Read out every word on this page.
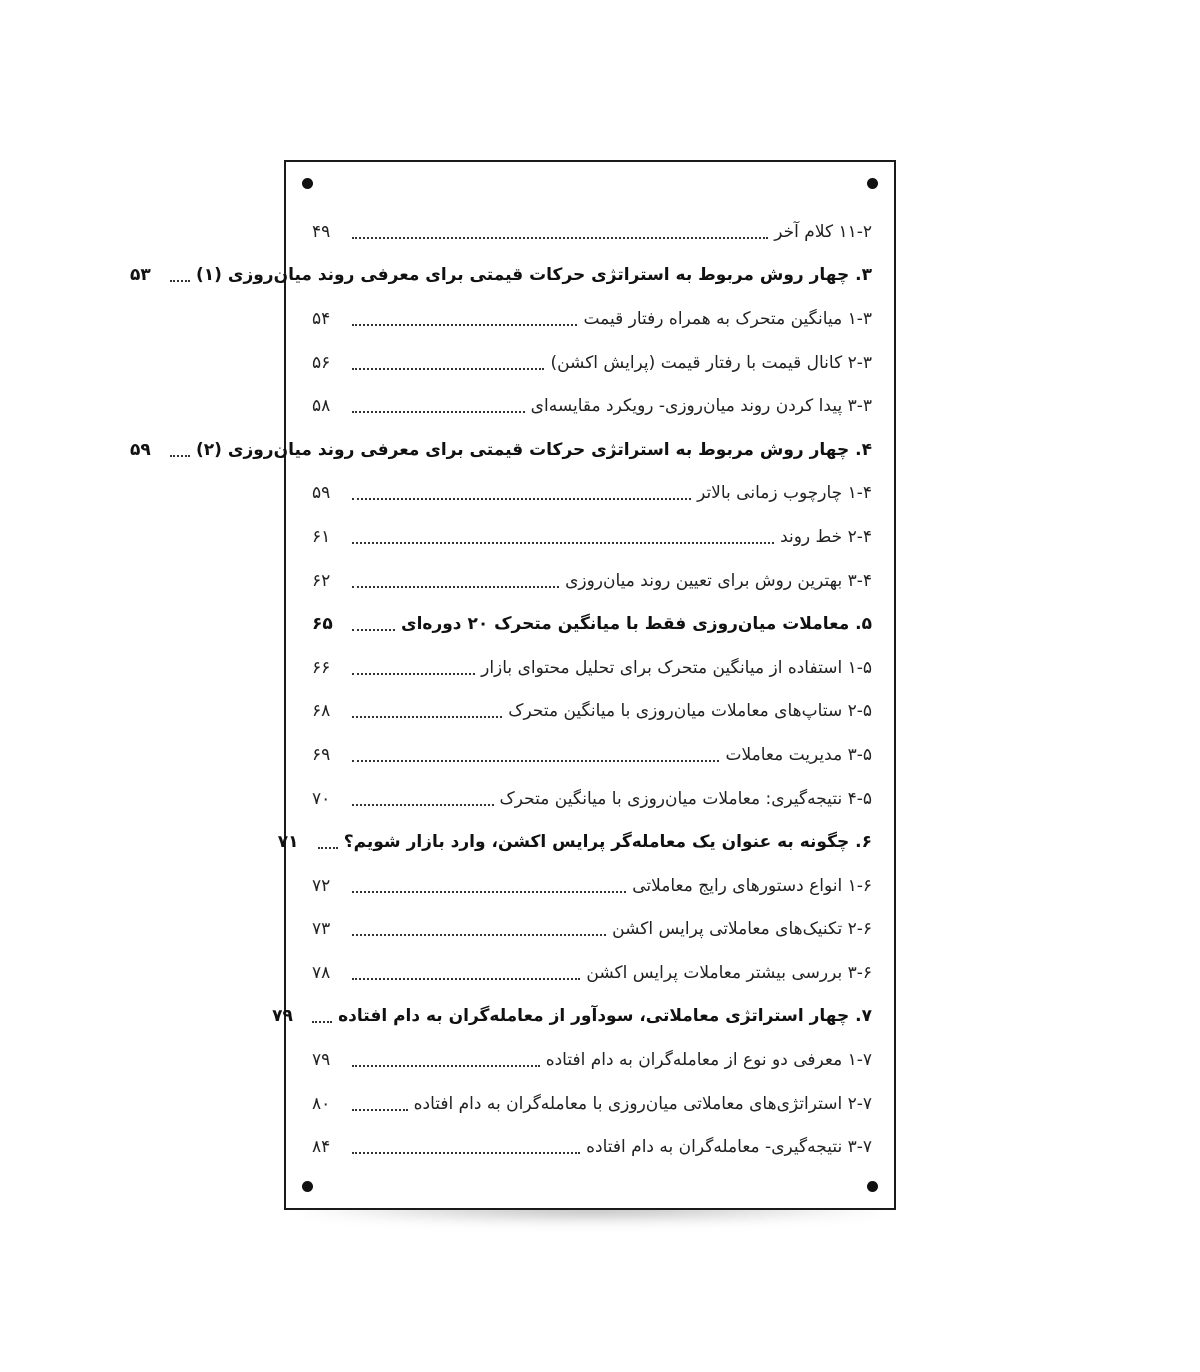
۱۱-۲ کلام آخر
۴۹
۳. چهار روش مربوط به استراتژی حرکات قیمتی برای معرفی روند میان‌روزی (۱)
۵۳
۱-۳ میانگین متحرک به همراه رفتار قیمت
۵۴
۲-۳ کانال قیمت با رفتار قیمت (پرایش اکشن)
۵۶
۳-۳ پیدا کردن روند میان‌روزی- رویکرد مقایسه‌ای
۵۸
۴. چهار روش مربوط به استراتژی حرکات قیمتی برای معرفی روند میان‌روزی (۲)
۵۹
۱-۴ چارچوب زمانی بالاتر
۵۹
۲-۴ خط روند
۶۱
۳-۴ بهترین روش برای تعیین روند میان‌روزی
۶۲
۵. معاملات میان‌روزی فقط با میانگین متحرک ۲۰ دوره‌ای
۶۵
۱-۵ استفاده از میانگین متحرک برای تحلیل محتوای بازار
۶۶
۲-۵ ستاپ‌های معاملات میان‌روزی با میانگین متحرک
۶۸
۳-۵ مدیریت معاملات
۶۹
۴-۵ نتیجه‌گیری: معاملات میان‌روزی با میانگین متحرک
۷۰
۶. چگونه به عنوان یک معامله‌گر پرایس اکشن، وارد بازار شویم؟
۷۱
۱-۶ انواع دستورهای رایج معاملاتی
۷۲
۲-۶ تکنیک‌های معاملاتی پرایس اکشن
۷۳
۳-۶ بررسی بیشتر معاملات پرایس اکشن
۷۸
۷. چهار استراتژی معاملاتی، سودآور از معامله‌گران به دام افتاده
۷۹
۱-۷ معرفی دو نوع از معامله‌گران به دام افتاده
۷۹
۲-۷ استراتژی‌های معاملاتی میان‌روزی با معامله‌گران به دام افتاده
۸۰
۳-۷ نتیجه‌گیری- معامله‌گران به دام افتاده
۸۴
